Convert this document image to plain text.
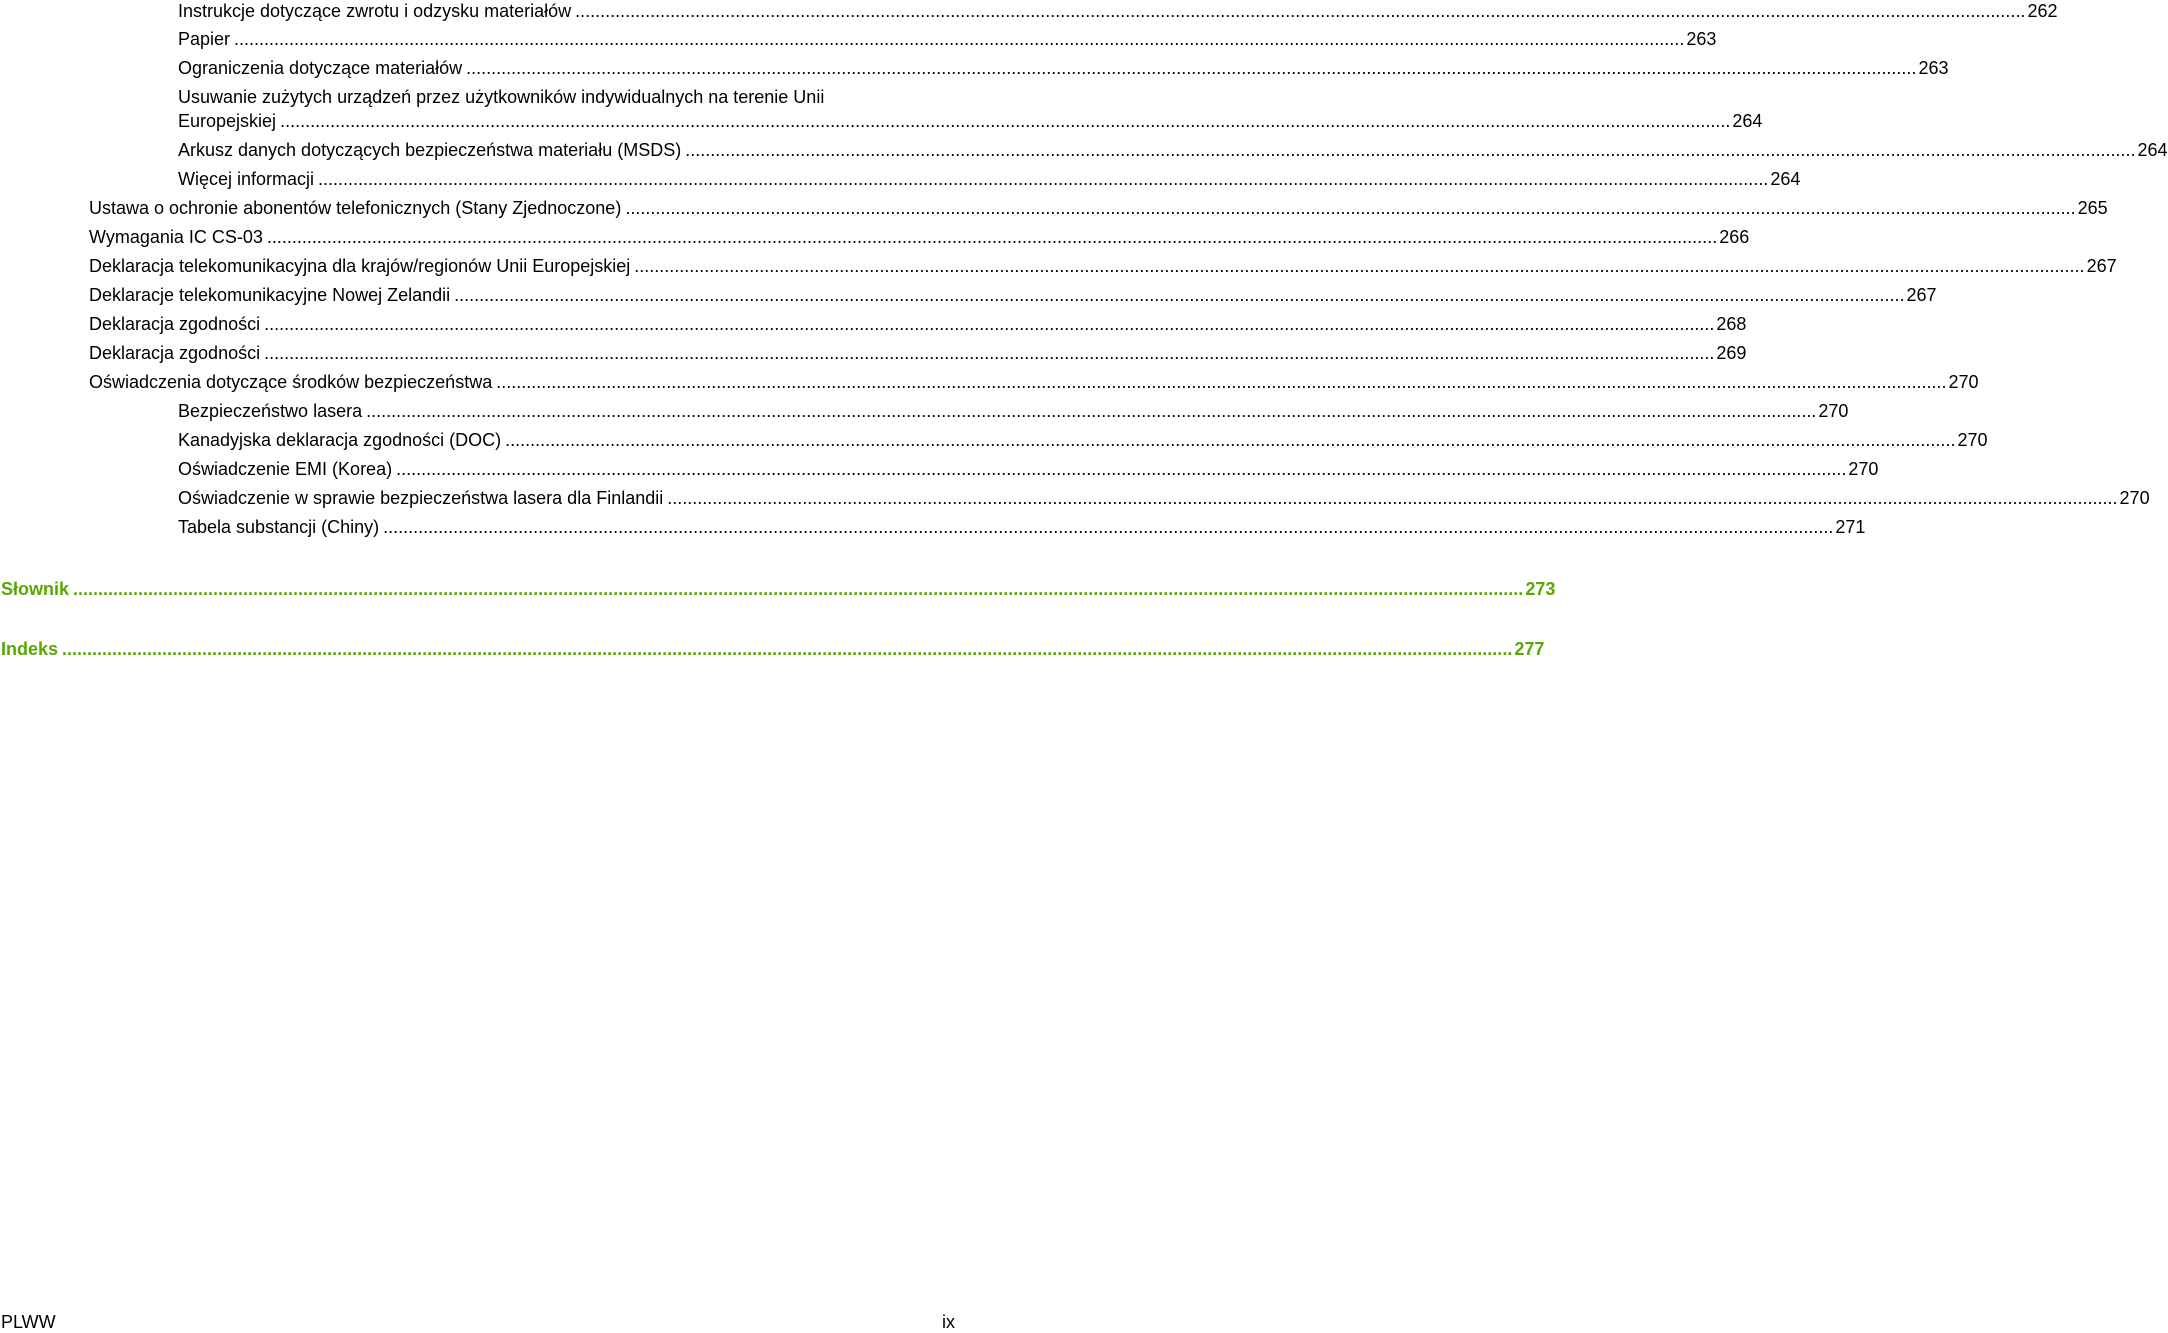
Instrukcje dotyczące zwrotu i odzysku materiałów .....	262
Papier .....	263
Ograniczenia dotyczące materiałów .....	263
Usuwanie zużytych urządzeń przez użytkowników indywidualnych na terenie Unii
Europejskiej .....	264
Arkusz danych dotyczących bezpieczeństwa materiału (MSDS) .....	264
Więcej informacji .....	264
Ustawa o ochronie abonentów telefonicznych (Stany Zjednoczone) .....	265
Wymagania IC CS-03 .....	266
Deklaracja telekomunikacyjna dla krajów/regionów Unii Europejskiej .....	267
Deklaracje telekomunikacyjne Nowej Zelandii .....	267
Deklaracja zgodności .....	268
Deklaracja zgodności .....	269
Oświadczenia dotyczące środków bezpieczeństwa .....	270
Bezpieczeństwo lasera .....	270
Kanadyjska deklaracja zgodności (DOC) .....	270
Oświadczenie EMI (Korea) .....	270
Oświadczenie w sprawie bezpieczeństwa lasera dla Finlandii .....	270
Tabela substancji (Chiny) .....	271
Słownik .....	273
Indeks .....	277
PLWW	ix
